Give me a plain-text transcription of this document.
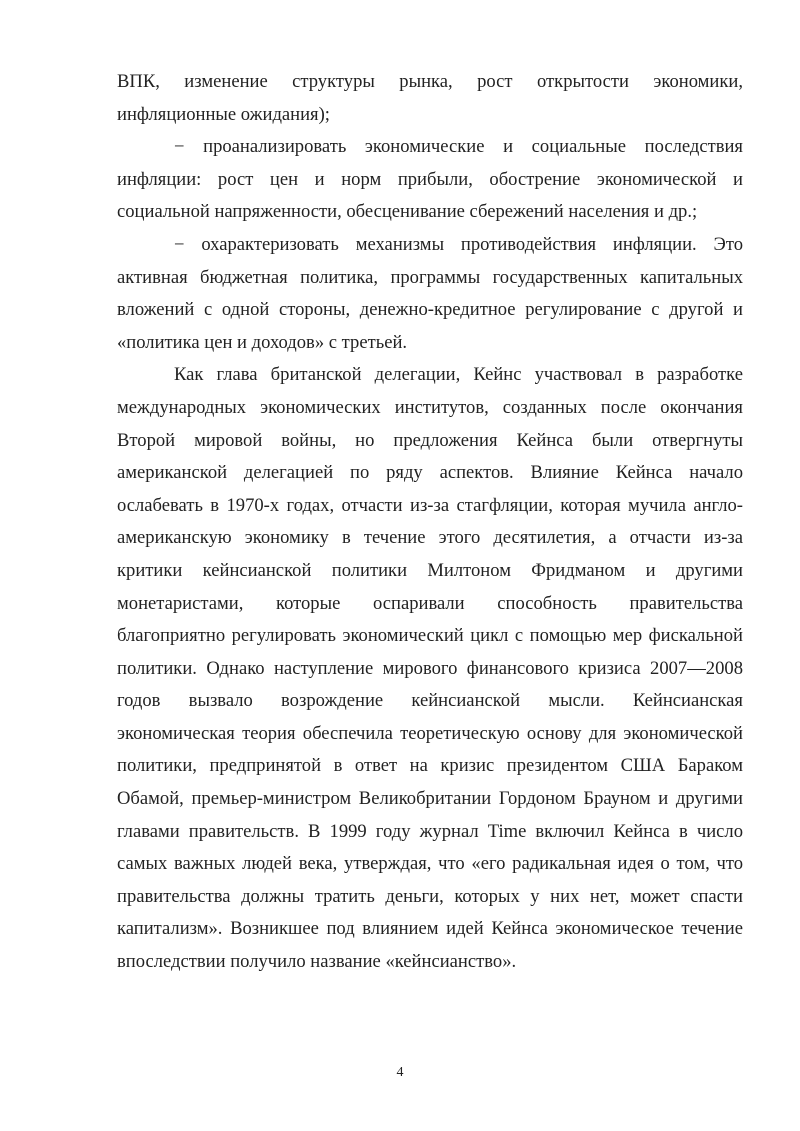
ВПК, изменение структуры рынка, рост открытости экономики, инфляционные ожидания);

− проанализировать экономические и социальные последствия инфляции: рост цен и норм прибыли, обострение экономической и социальной напряженности, обесценивание сбережений населения и др.;

− охарактеризовать механизмы противодействия инфляции. Это активная бюджетная политика, программы государственных капитальных вложений с одной стороны, денежно-кредитное регулирование с другой и «политика цен и доходов» с третьей.

Как глава британской делегации, Кейнс участвовал в разработке международных экономических институтов, созданных после окончания Второй мировой войны, но предложения Кейнса были отвергнуты американской делегацией по ряду аспектов. Влияние Кейнса начало ослабевать в 1970-х годах, отчасти из-за стагфляции, которая мучила англо-американскую экономику в течение этого десятилетия, а отчасти из-за критики кейнсианской политики Милтоном Фридманом и другими монетаристами, которые оспаривали способность правительства благоприятно регулировать экономический цикл с помощью мер фискальной политики. Однако наступление мирового финансового кризиса 2007—2008 годов вызвало возрождение кейнсианской мысли. Кейнсианская экономическая теория обеспечила теоретическую основу для экономической политики, предпринятой в ответ на кризис президентом США Бараком Обамой, премьер-министром Великобритании Гордоном Брауном и другими главами правительств. В 1999 году журнал Time включил Кейнса в число самых важных людей века, утверждая, что «его радикальная идея о том, что правительства должны тратить деньги, которых у них нет, может спасти капитализм». Возникшее под влиянием идей Кейнса экономическое течение впоследствии получило название «кейнсианство».

4
